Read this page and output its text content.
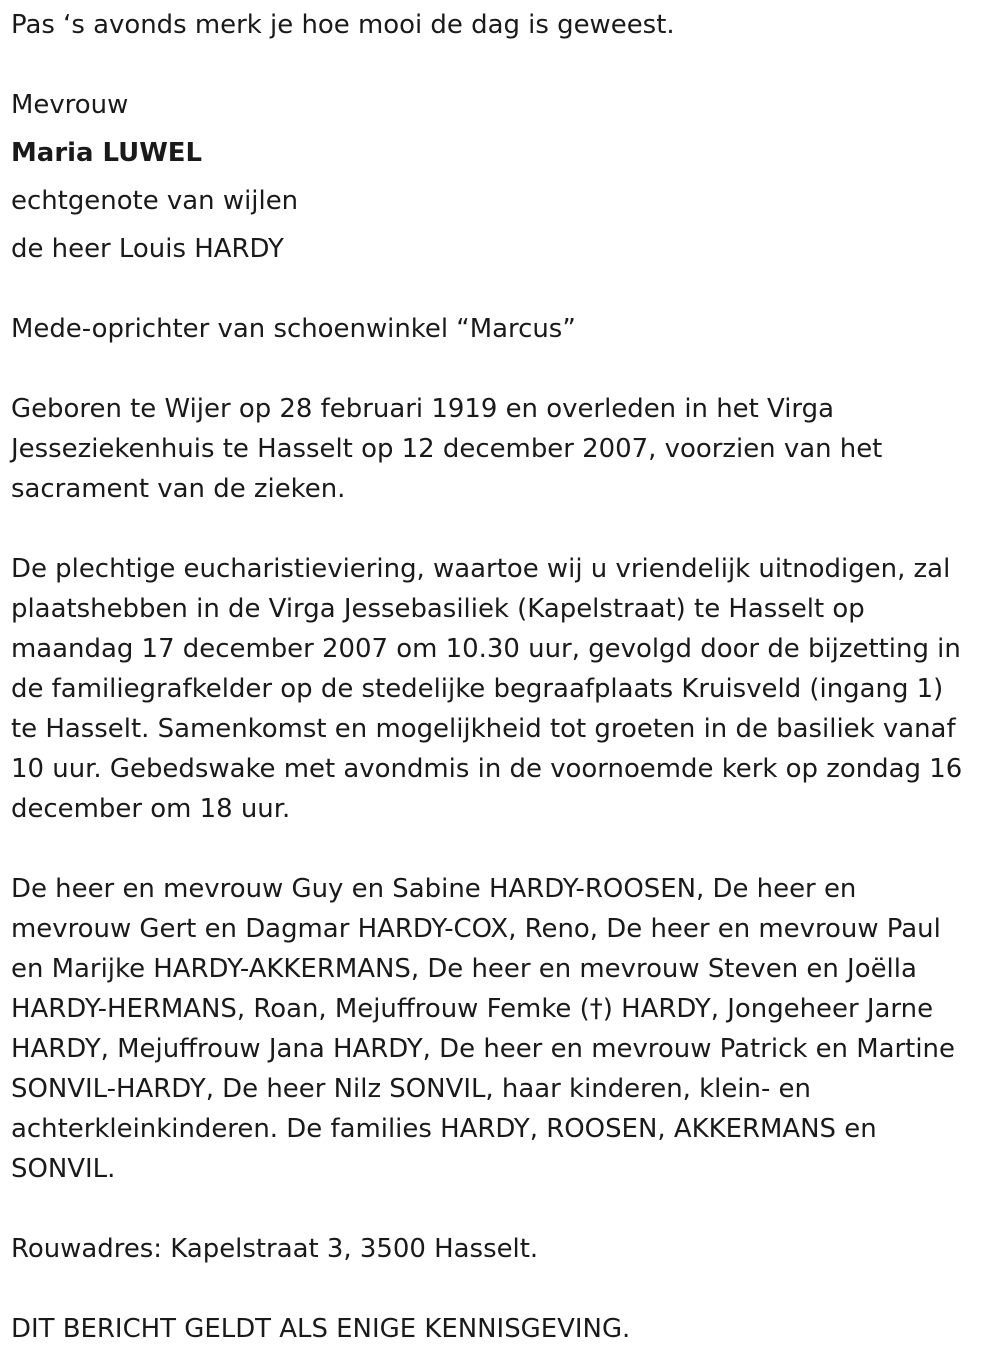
Pas ‘s avonds merk je hoe mooi de dag is geweest.
Mevrouw
Maria LUWEL
echtgenote van wijlen
de heer Louis HARDY
Mede-oprichter van schoenwinkel “Marcus”
Geboren te Wijer op 28 februari 1919 en overleden in het Virga
Jesseziekenhuis te Hasselt op 12 december 2007, voorzien van het
sacrament van de zieken.
De plechtige eucharistieviering, waartoe wij u vriendelijk uitnodigen, zal
plaatshebben in de Virga Jessebasiliek (Kapelstraat) te Hasselt op
maandag 17 december 2007 om 10.30 uur, gevolgd door de bijzetting in
de familiegrafkelder op de stedelijke begraafplaats Kruisveld (ingang 1)
te Hasselt. Samenkomst en mogelijkheid tot groeten in de basiliek vanaf
10 uur. Gebedswake met avondmis in de voornoemde kerk op zondag 16
december om 18 uur.
De heer en mevrouw Guy en Sabine HARDY-ROOSEN, De heer en
mevrouw Gert en Dagmar HARDY-COX, Reno, De heer en mevrouw Paul
en Marijke HARDY-AKKERMANS, De heer en mevrouw Steven en Joëlla
HARDY-HERMANS, Roan, Mejuffrouw Femke (†) HARDY, Jongeheer Jarne
HARDY, Mejuffrouw Jana HARDY, De heer en mevrouw Patrick en Martine
SONVIL-HARDY, De heer Nilz SONVIL, haar kinderen, klein- en
achterkleinkinderen. De families HARDY, ROOSEN, AKKERMANS en
SONVIL.
Rouwadres: Kapelstraat 3, 3500 Hasselt.
DIT BERICHT GELDT ALS ENIGE KENNISGEVING.
